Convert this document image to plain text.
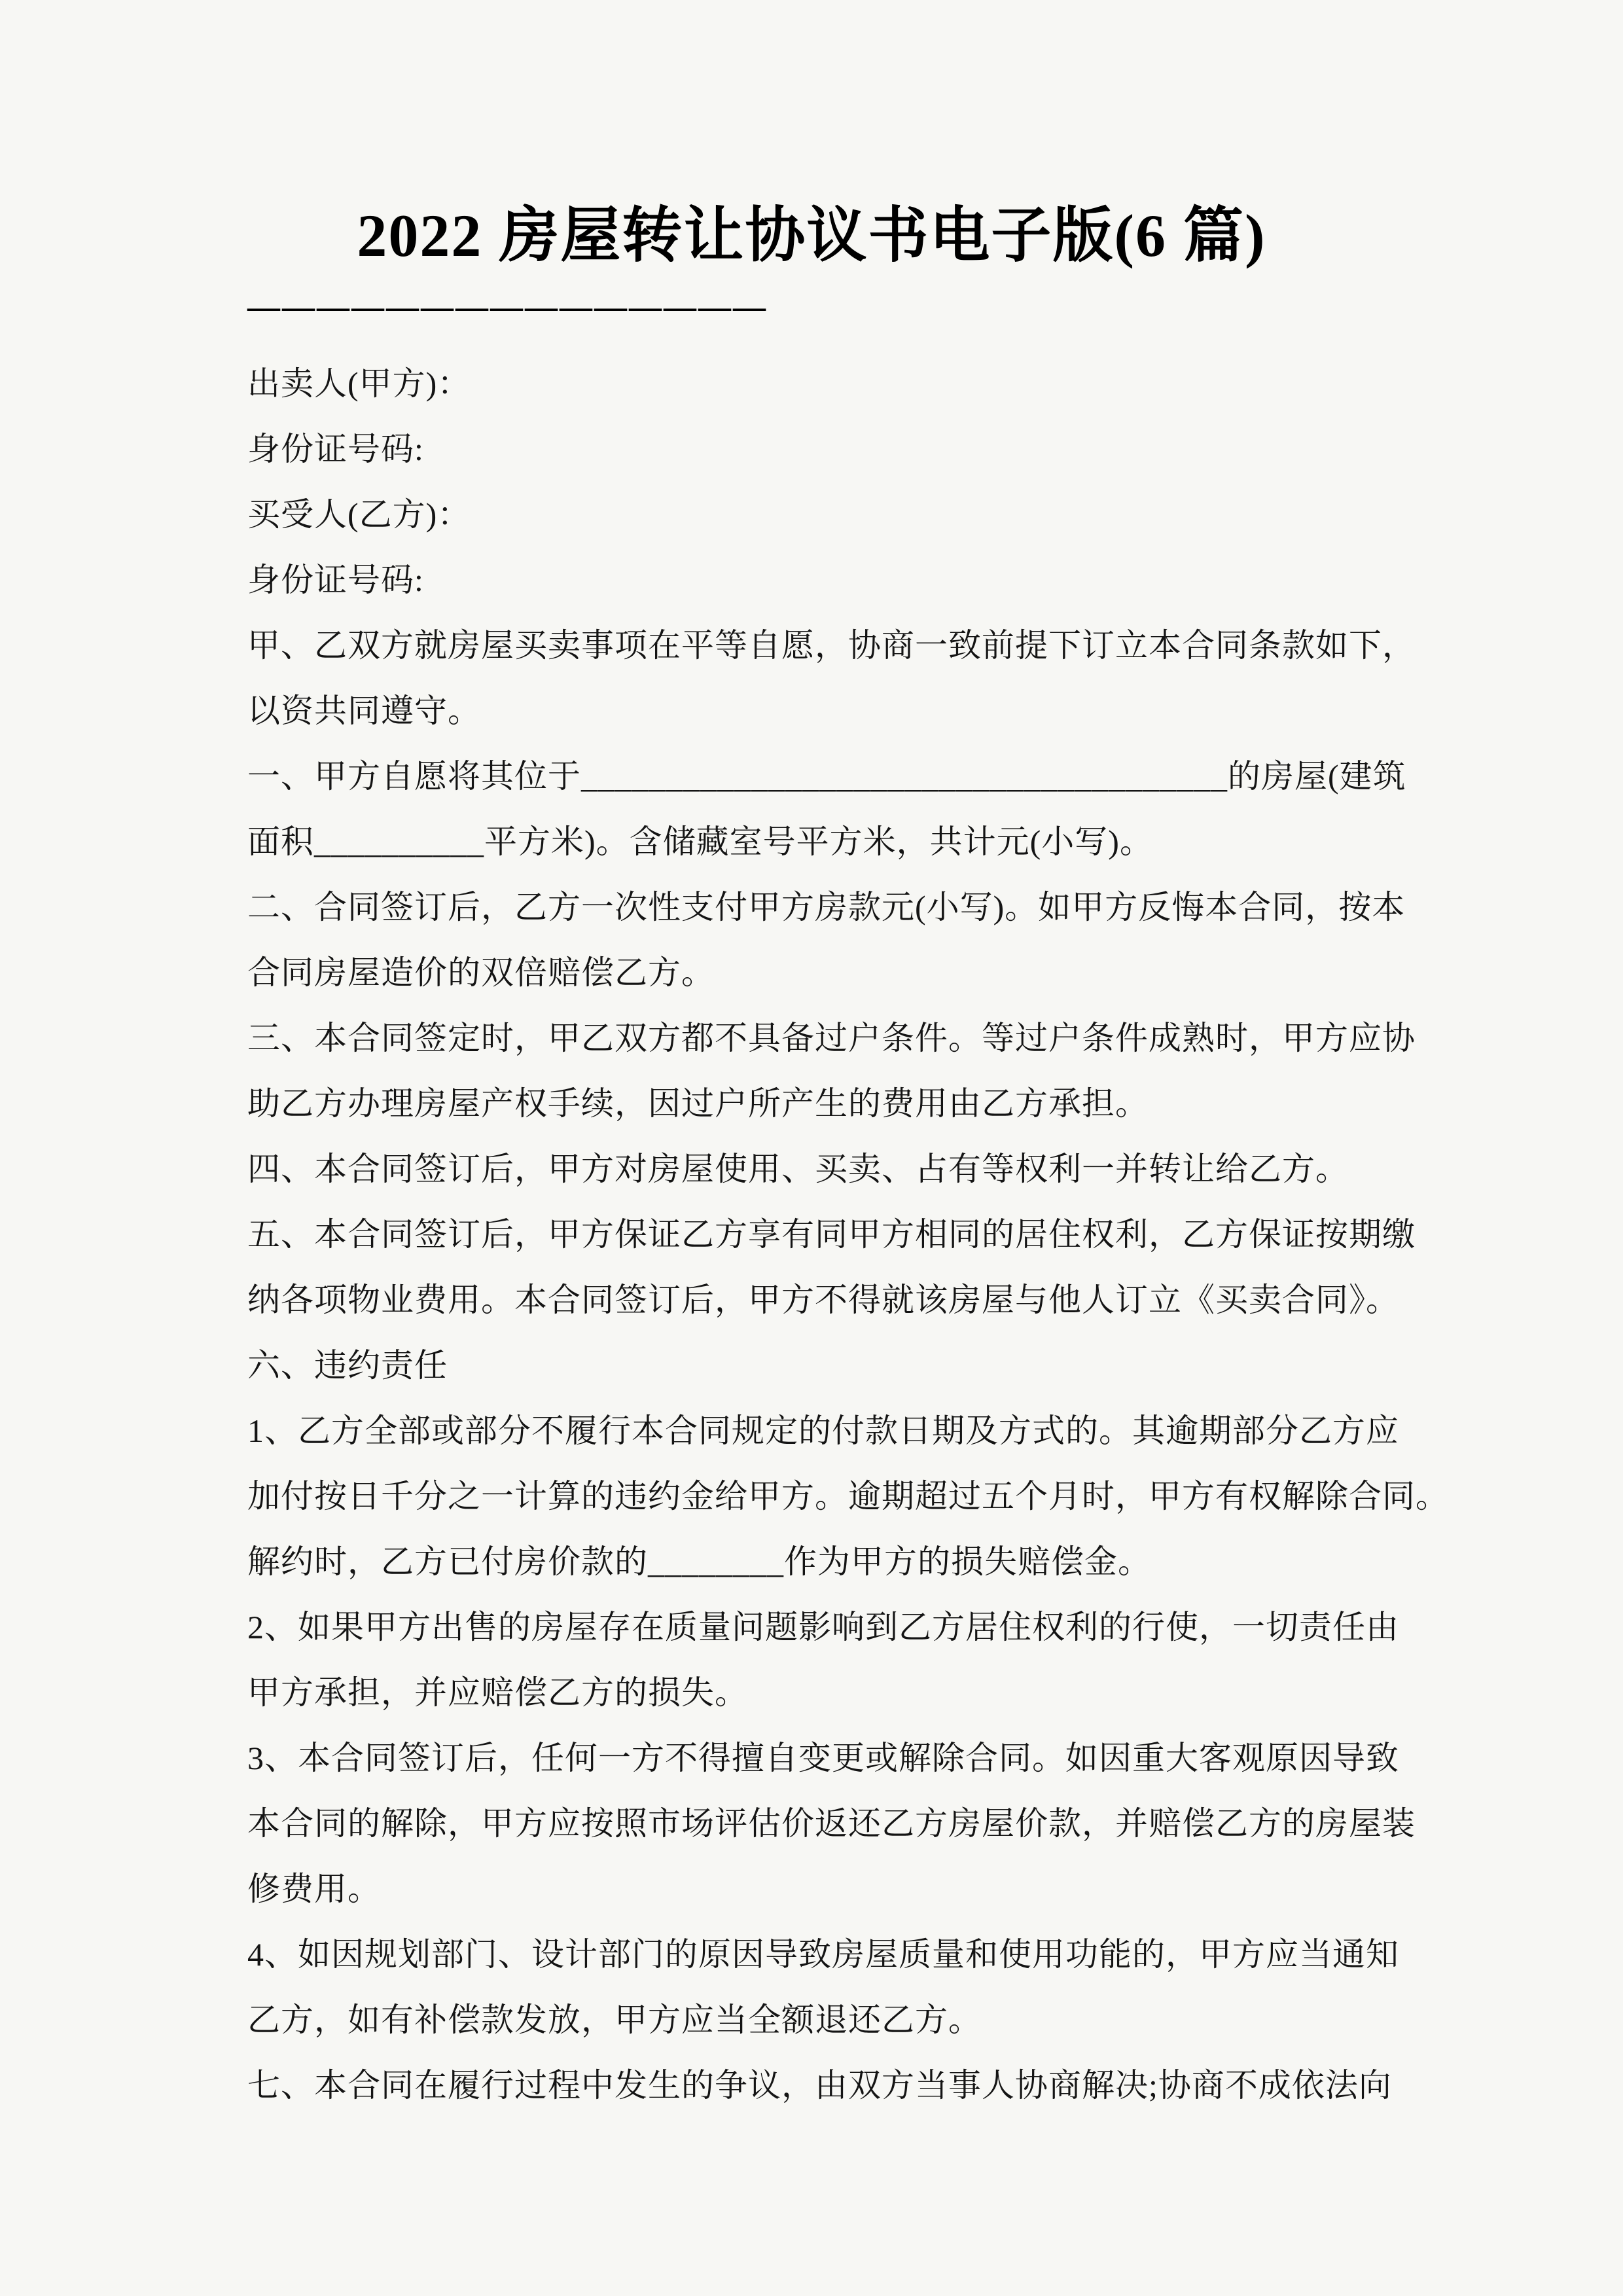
2022 房屋转让协议书电子版(6 篇)
———————————————
出卖人(甲方)：
身份证号码:
买受人(乙方)：
身份证号码:
甲、乙双方就房屋买卖事项在平等自愿，协商一致前提下订立本合同条款如下，
以资共同遵守。
一、甲方自愿将其位于______________________________________的房屋(建筑
面积__________平方米)。含储藏室号平方米，共计元(小写)。
二、合同签订后，乙方一次性支付甲方房款元(小写)。如甲方反悔本合同，按本
合同房屋造价的双倍赔偿乙方。
三、本合同签定时，甲乙双方都不具备过户条件。等过户条件成熟时，甲方应协
助乙方办理房屋产权手续，因过户所产生的费用由乙方承担。
四、本合同签订后，甲方对房屋使用、买卖、占有等权利一并转让给乙方。
五、本合同签订后，甲方保证乙方享有同甲方相同的居住权利，乙方保证按期缴
纳各项物业费用。本合同签订后，甲方不得就该房屋与他人订立《买卖合同》。
六、违约责任
1、乙方全部或部分不履行本合同规定的付款日期及方式的。其逾期部分乙方应
加付按日千分之一计算的违约金给甲方。逾期超过五个月时，甲方有权解除合同。
解约时，乙方已付房价款的________作为甲方的损失赔偿金。
2、如果甲方出售的房屋存在质量问题影响到乙方居住权利的行使，一切责任由
甲方承担，并应赔偿乙方的损失。
3、本合同签订后，任何一方不得擅自变更或解除合同。如因重大客观原因导致
本合同的解除，甲方应按照市场评估价返还乙方房屋价款，并赔偿乙方的房屋装
修费用。
4、如因规划部门、设计部门的原因导致房屋质量和使用功能的，甲方应当通知
乙方，如有补偿款发放，甲方应当全额退还乙方。
七、本合同在履行过程中发生的争议，由双方当事人协商解决;协商不成依法向
